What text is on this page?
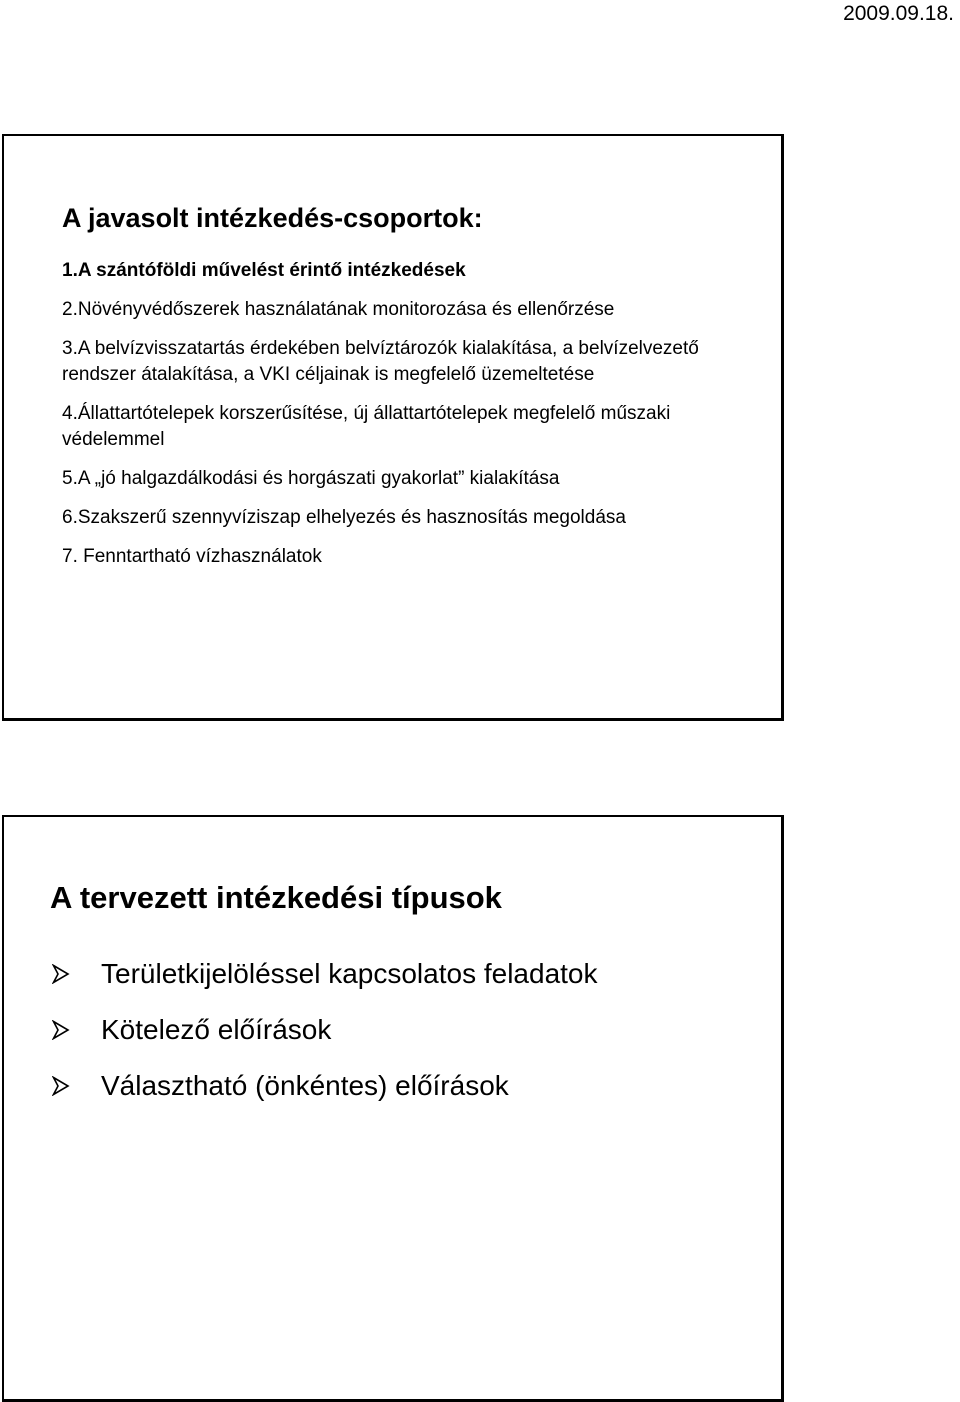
2009.09.18.

A javasolt intézkedés-csoportok:
1.A szántóföldi művelést érintő intézkedések
2.Növényvédőszerek használatának monitorozása és ellenőrzése
3.A belvízvisszatartás érdekében belvíztározók kialakítása, a belvízelvezető rendszer átalakítása, a VKI céljainak is megfelelő üzemeltetése
4.Állattartótelepek korszerűsítése, új állattartótelepek megfelelő műszaki védelemmel
5.A „jó halgazdálkodási és horgászati gyakorlat” kialakítása
6.Szakszerű szennyvíziszap elhelyezés és hasznosítás megoldása
7. Fenntartható vízhasználatok
A tervezett intézkedési típusok
Területkijelöléssel kapcsolatos feladatok
Kötelező előírások
Választható (önkéntes) előírások
